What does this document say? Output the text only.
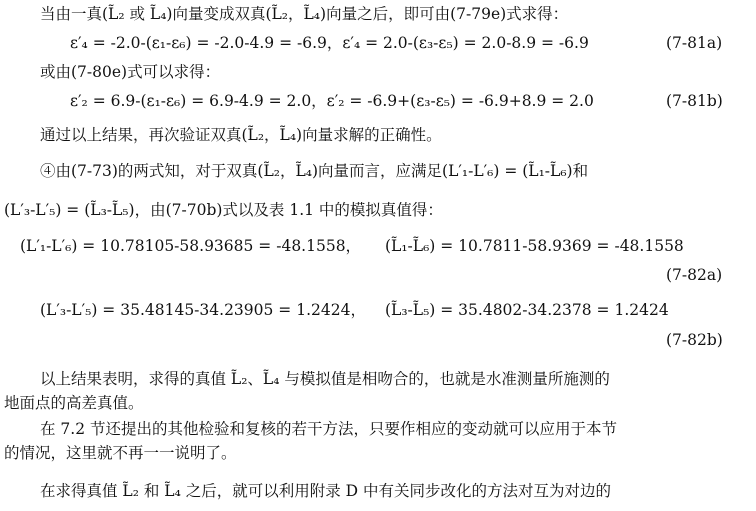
当由一真(L̃₂ 或 L̃₄)向量变成双真(L̃₂，L̃₄)向量之后，即可由(7-79e)式求得：
ε′₄ = -2.0-(ε₁-ε₆) = -2.0-4.9 = -6.9，ε′₄ = 2.0-(ε₃-ε₅) = 2.0-8.9 = -6.9	(7-81a)
或由(7-80e)式可以求得：
ε′₂ = 6.9-(ε₁-ε₆) = 6.9-4.9 = 2.0，ε′₂ = -6.9+(ε₃-ε₅) = -6.9+8.9 = 2.0	(7-81b)
通过以上结果，再次验证双真(L̃₂，L̃₄)向量求解的正确性。
④由(7-73)的两式知，对于双真(L̃₂，L̃₄)向量而言，应满足(L′₁-L′₆) = (L̃₁-L̃₆)和
(L′₃-L′₅) = (L̃₃-L̃₅)，由(7-70b)式以及表 1.1 中的模拟真值得：
(L′₁-L′₆) = 10.78105-58.93685 = -48.1558， (L̃₁-L̃₆) = 10.7811-58.9369 = -48.1558
(7-82a)
(L′₃-L′₅) = 35.48145-34.23905 = 1.2424， (L̃₃-L̃₅) = 35.4802-34.2378 = 1.2424
(7-82b)
以上结果表明，求得的真值 L̃₂、L̃₄ 与模拟值是相吻合的，也就是水准测量所施测的
地面点的高差真值。
在 7.2 节还提出的其他检验和复核的若干方法，只要作相应的变动就可以应用于本节
的情况，这里就不再一一说明了。
在求得真值 L̃₂ 和 L̃₄ 之后，就可以利用附录 D 中有关同步改化的方法对互为对边的
